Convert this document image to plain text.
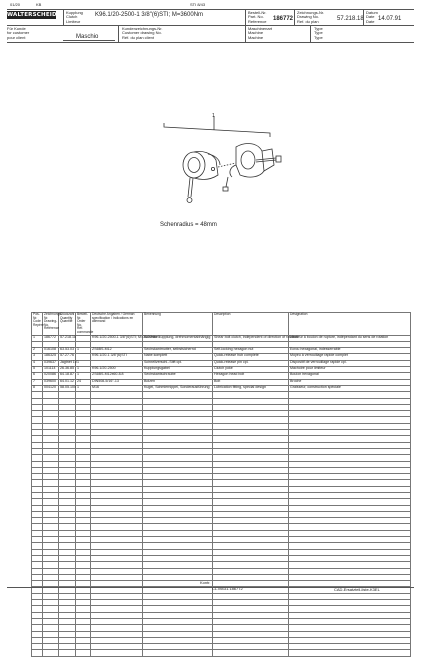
01/20	KB	STI 8/43
WALTERSCHEID Kupplung
Clutch
Limiteur
K96.1/20-2500-1 3/8"(6)STI; M=3600Nm	Bestell-Nr.
Part. No.
Reference 186772
Zeichnungs-Nr.
Drawing No.
Ref. du plan	57.218.18
Datum
Date
Date 14.07.91
Für Kunde
for customer
pour client	Maschio
Kundenzeichnungs-Nr.
Customer drawing No.
Réf. du plan client
Maschinenart
Machine
Machine
Type
Type
Type
1
Schenradius = 48mm
Pos-Nr. Code Repère	Zeichnungs-Nr. Drawing-No. Référence	Stückzahl Quantity Quantité	Bestell-Nr. Order No. Réf. commande	Deutsche Angaben / German specification / Indications en allemand	Benennung	Description	Désignation
1	186772	57.218.18		K96.1/20-2500-1 3/8"(6)STI; M=3600Nm	Schenkelkupplung, drehmomentabhängig	Shear bolt clutch, independent of direction of rotation	Limiteur à boulon de rupture, indépendant du sens de rotation

2	016108	63.53.03	1	ZS6BS-M12	Sechskantmutter, selbstsichernd	Self-locking hexagon nut	Ecrou hexagonal, indesserrable
3	186325	57.27.76		K96.1/20-1 3/8"(6)STI	Nabe komplett	Quick-release hub complete	Moyeu à verrouillage rapide complet
4	039637	Jagtnet 10	1		Schnellverschl.-Stift cpl.	Quick-release pin cpl.	Dispositif de verrouillage rapide cpl.
5	101114	26.36.85	1	K96.1/20-2500	Kupplungsgabel	Clutch yoke	Machoire pour limiteur
6	020086	64.18.87	1	ZS6BS-M12x60-8.8	Sechskantschraube	Hexagon head bolt	Boulon hexagonal
7	039600	64.01.12	24	DIN508-5/16"-13	Bolzen	Bolt	Broche
8	004120	58.05.100	1	M16	Kugel, Schmiernippel, Sonderausführung	Lubrication fitting, special design	Graisseur, construction spéciale

Kontr.
CL.M431.186772	CAD-Ersatzteil-liste-K3EL
